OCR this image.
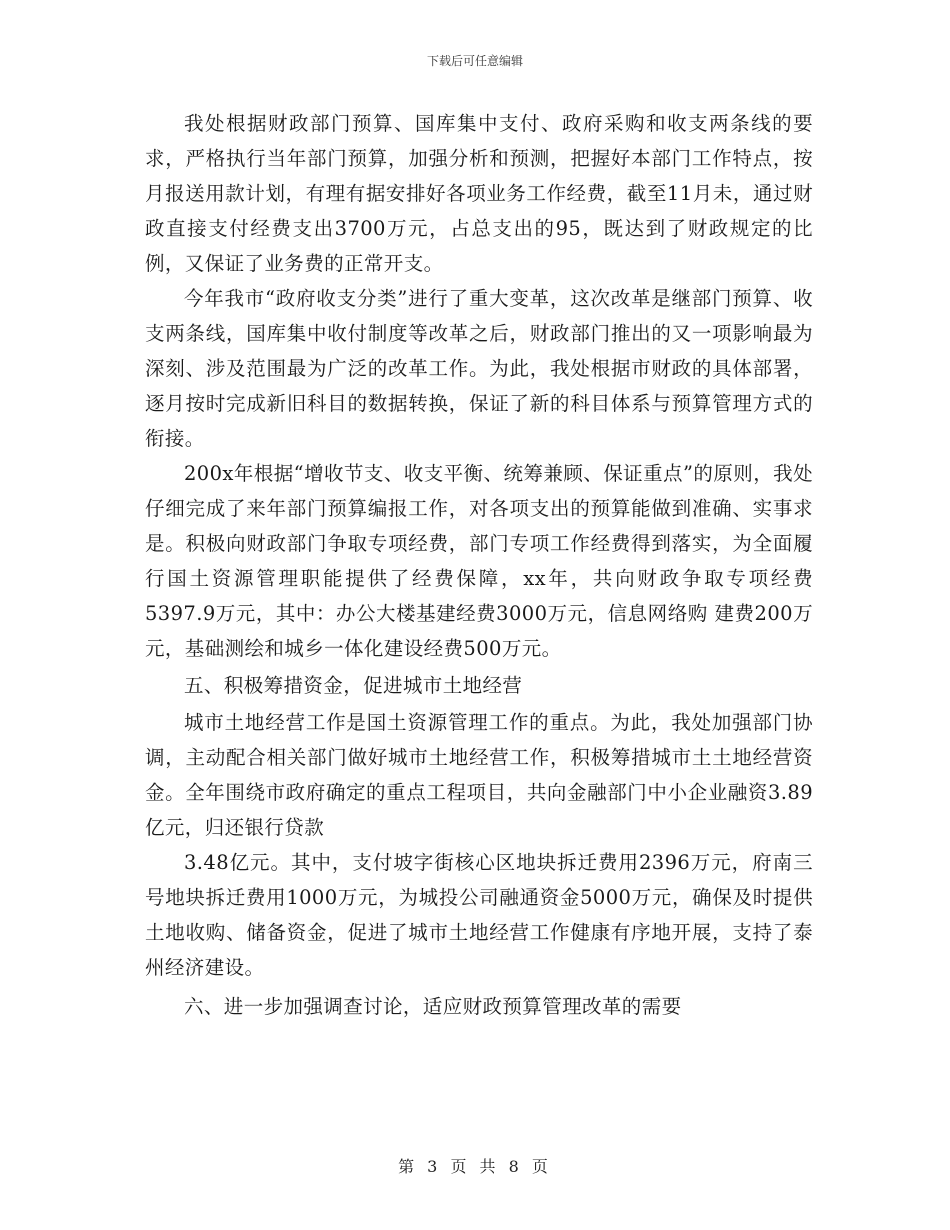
下载后可任意编辑

我处根据财政部门预算、国库集中支付、政府采购和收支两条线的要求，严格执行当年部门预算，加强分析和预测，把握好本部门工作特点，按月报送用款计划，有理有据安排好各项业务工作经费，截至11月未，通过财政直接支付经费支出3700万元，占总支出的95，既达到了财政规定的比例，又保证了业务费的正常开支。

今年我市“政府收支分类”进行了重大变革，这次改革是继部门预算、收支两条线，国库集中收付制度等改革之后，财政部门推出的又一项影响最为深刻、涉及范围最为广泛的改革工作。为此，我处根据市财政的具体部署，逐月按时完成新旧科目的数据转换，保证了新的科目体系与预算管理方式的衔接。

200x年根据“增收节支、收支平衡、统筹兼顾、保证重点”的原则，我处仔细完成了来年部门预算编报工作，对各项支出的预算能做到准确、实事求是。积极向财政部门争取专项经费，部门专项工作经费得到落实，为全面履行国土资源管理职能提供了经费保障，xx年，共向财政争取专项经费5397.9万元，其中：办公大楼基建经费3000万元，信息网络购 建费200万元，基础测绘和城乡一体化建设经费500万元。

五、积极筹措资金，促进城市土地经营

城市土地经营工作是国土资源管理工作的重点。为此，我处加强部门协调，主动配合相关部门做好城市土地经营工作，积极筹措城市土土地经营资金。全年围绕市政府确定的重点工程项目，共向金融部门中小企业融资3.89亿元，归还银行贷款

3.48亿元。其中，支付坡字街核心区地块拆迁费用2396万元，府南三号地块拆迁费用1000万元，为城投公司融通资金5000万元，确保及时提供土地收购、储备资金，促进了城市土地经营工作健康有序地开展，支持了泰州经济建设。

六、进一步加强调查讨论，适应财政预算管理改革的需要

第 3 页 共 8 页
